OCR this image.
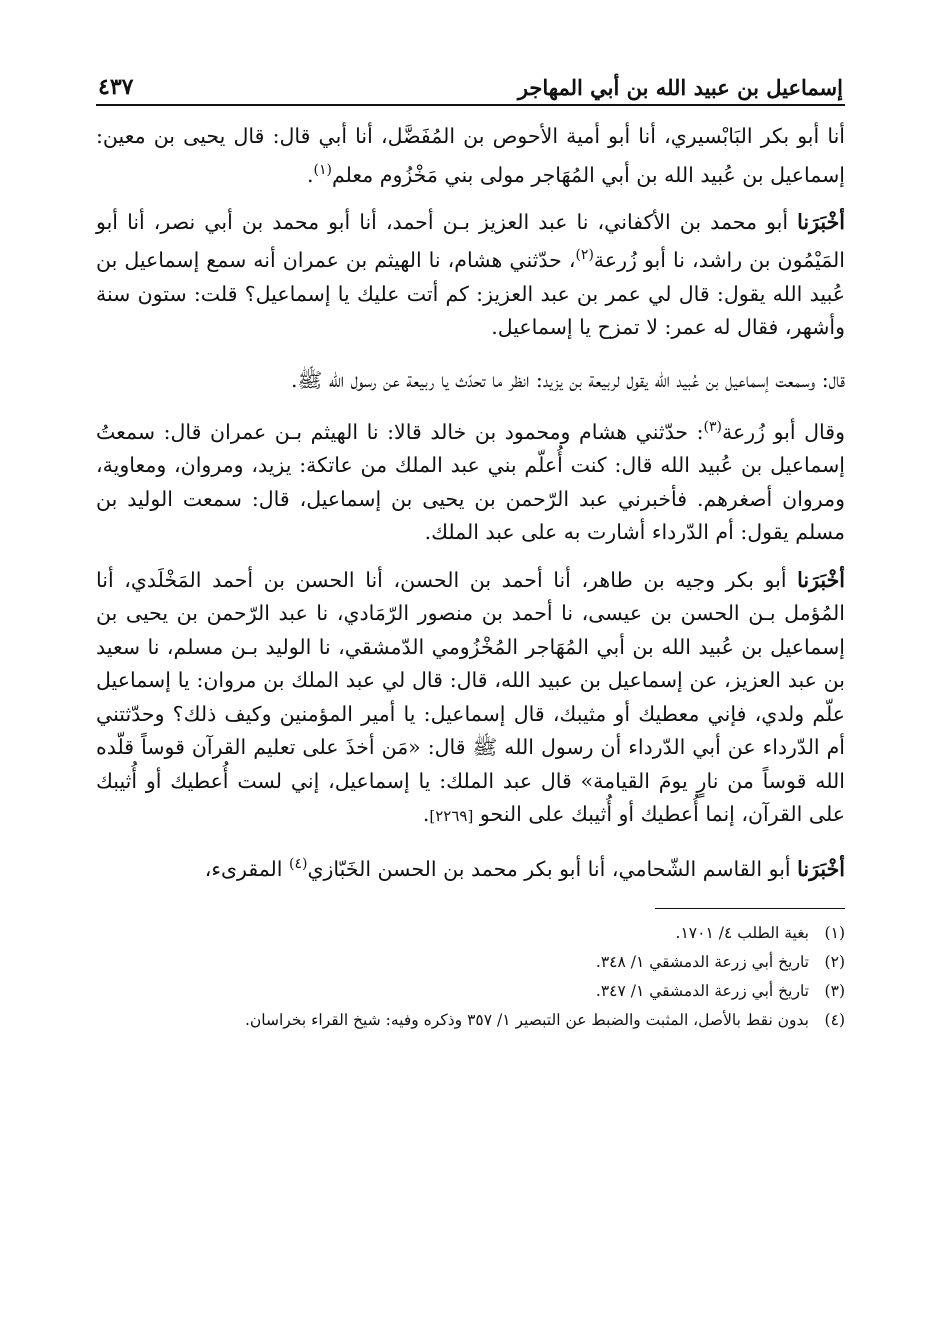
إسماعيل بن عبيد الله بن أبي المهاجر
٤٣٧

أنا أبو بكر البَابْسيري، أنا أبو أمية الأحوص بن المُفَضَّل، أنا أبي قال: قال يحيى بن معين: إسماعيل بن عُبيد الله بن أبي المُهَاجر مولى بني مَخْزُوم معلم$^{(١)}$.

أخْبَرَنا أبو محمد بن الأكفاني، نا عبد العزيز بـن أحمد، أنا أبو محمد بن أبي نصر، أنا أبو المَيْمُون بن راشد، نا أبو زُرعة$^{(٢)}$، حدّثني هشام، نا الهيثم بن عمران أنه سمع إسماعيل بن عُبيد الله يقول: قال لي عمر بن عبد العزيز: كم أتت عليك يا إسماعيل؟ قلت: ستون سنة وأشهر، فقال له عمر: لا تمزح يا إسماعيل.

قال: وسمعت إسماعيل بن عُبيد الله يقول لربيعة بن يزيد: انظر ما تحدّث يا ربيعة عن رسول الله ﷺ.

وقال أبو زُرعة$^{(٣)}$: حدّثني هشام ومحمود بن خالد قالا: نا الهيثم بـن عمران قال: سمعتُ إسماعيل بن عُبيد الله قال: كنت أُعلّم بني عبد الملك من عاتكة: يزيد، ومروان، ومعاوية، ومروان أصغرهم. فأخبرني عبد الرّحمن بن يحيى بن إسماعيل، قال: سمعت الوليد بن مسلم يقول: أم الدّرداء أشارت به على عبد الملك.

أخْبَرَنا أبو بكر وجيه بن طاهر، أنا أحمد بن الحسن، أنا الحسن بن أحمد المَخْلَدي، أنا المُؤمل بـن الحسن بن عيسى، نا أحمد بن منصور الرّمَادي، نا عبد الرّحمن بن يحيى بن إسماعيل بن عُبيد الله بن أبي المُهَاجر المُخْزُومي الدّمشقي، نا الوليد بـن مسلم، نا سعيد بن عبد العزيز، عن إسماعيل بن عبيد الله، قال: قال لي عبد الملك بن مروان: يا إسماعيل علّم ولدي، فإني معطيك أو مثيبك، قال إسماعيل: يا أمير المؤمنين وكيف ذلك؟ وحدّثتني أم الدّرداء عن أبي الدّرداء أن رسول الله ﷺ قال: «مَن أخذَ على تعليم القرآن قوساً قلّده الله قوساً من نارٍ يومَ القيامة» قال عبد الملك: يا إسماعيل، إني لست أُعطيك أو أُثيبك على القرآن، إنما أُعطيك أو أُثيبك على النحو [٢٢٦٩].

أخْبَرَنا أبو القاسم الشّحامي، أنا أبو بكر محمد بن الحسن الخَبّازي$^{(٤)}$ المقرىء،

(١)
بغية الطلب ٤/ ١٧٠١.
(٢)
تاريخ أبي زرعة الدمشقي ١/ ٣٤٨.
(٣)
تاريخ أبي زرعة الدمشقي ١/ ٣٤٧.
(٤)
بدون نقط بالأصل، المثبت والضبط عن التبصير ١/ ٣٥٧ وذكره وفيه: شيخ القراء بخراسان.
